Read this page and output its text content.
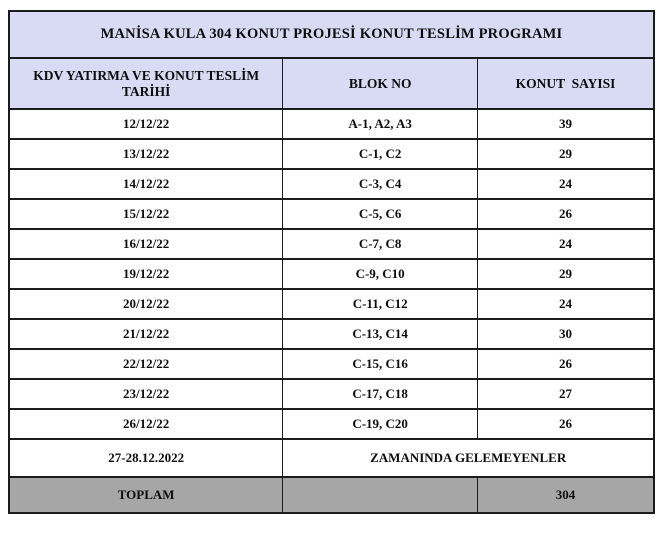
MANİSA KULA 304 KONUT PROJESİ KONUT TESLİM PROGRAMI		
KDV YATIRMA VE KONUT TESLİM TARİHİ	BLOK NO	KONUT  SAYISI
12/12/22	A-1, A2, A3	39
13/12/22	C-1, C2	29
14/12/22	C-3, C4	24
15/12/22	C-5, C6	26
16/12/22	C-7, C8	24
19/12/22	C-9, C10	29
20/12/22	C-11, C12	24
21/12/22	C-13, C14	30
22/12/22	C-15, C16	26
23/12/22	C-17, C18	27
26/12/22	C-19, C20	26
27-28.12.2022	ZAMANINDA GELEMEYENLER	
TOPLAM		304
